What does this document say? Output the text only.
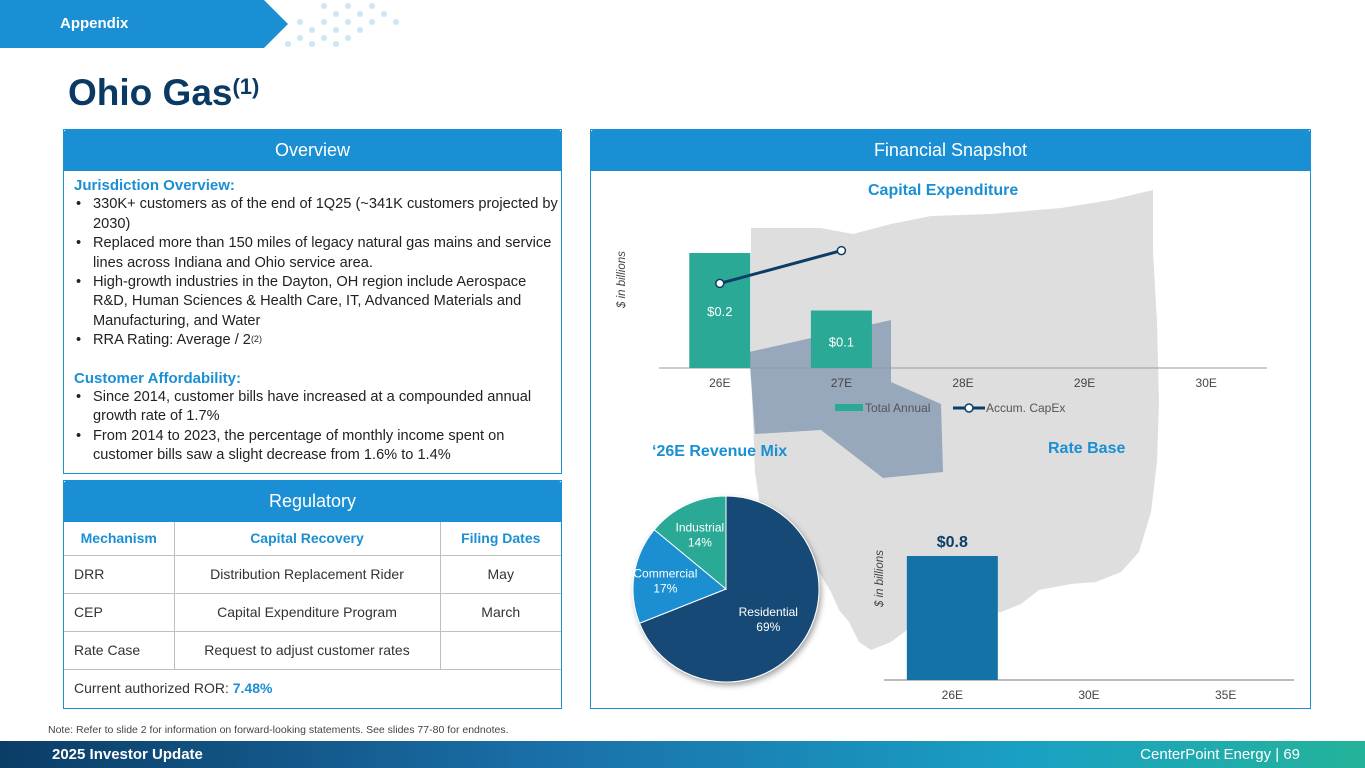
Appendix
Ohio Gas$^{(1)}$
Overview
Jurisdiction Overview:
• 330K+ customers as of the end of 1Q25 (~341K customers projected by 2030)
• Replaced more than 150 miles of legacy natural gas mains and service lines across Indiana and Ohio service area.
• High-growth industries in the Dayton, OH region include Aerospace R&D, Human Sciences & Health Care, IT, Advanced Materials and Manufacturing, and Water
• RRA Rating: Average / 2$^{(2)}$
Customer Affordability:
• Since 2014, customer bills have increased at a compounded annual growth rate of 1.7%
• From 2014 to 2023, the percentage of monthly income spent on customer bills saw a slight decrease from 1.6% to 1.4%
Regulatory
Mechanism	Capital Recovery	Filing Dates
DRR	Distribution Replacement Rider	May
CEP	Capital Expenditure Program	March
Rate Case	Request to adjust customer rates	
Current authorized ROR: 7.48%		
Financial Snapshot
Capital Expenditure
‘26E Revenue Mix	Rate Base
$ in billions
$ in billions
26E	27E	28E	29E	30E
$0.2
$0.1
Total Annual	Accum. CapEx
Residential
69%
Commercial
17%
Industrial
14%
26E	30E	35E
$0.8
Note: Refer to slide 2 for information on forward-looking statements. See slides 77-80 for endnotes.
2025 Investor Update	CenterPoint Energy | 69
